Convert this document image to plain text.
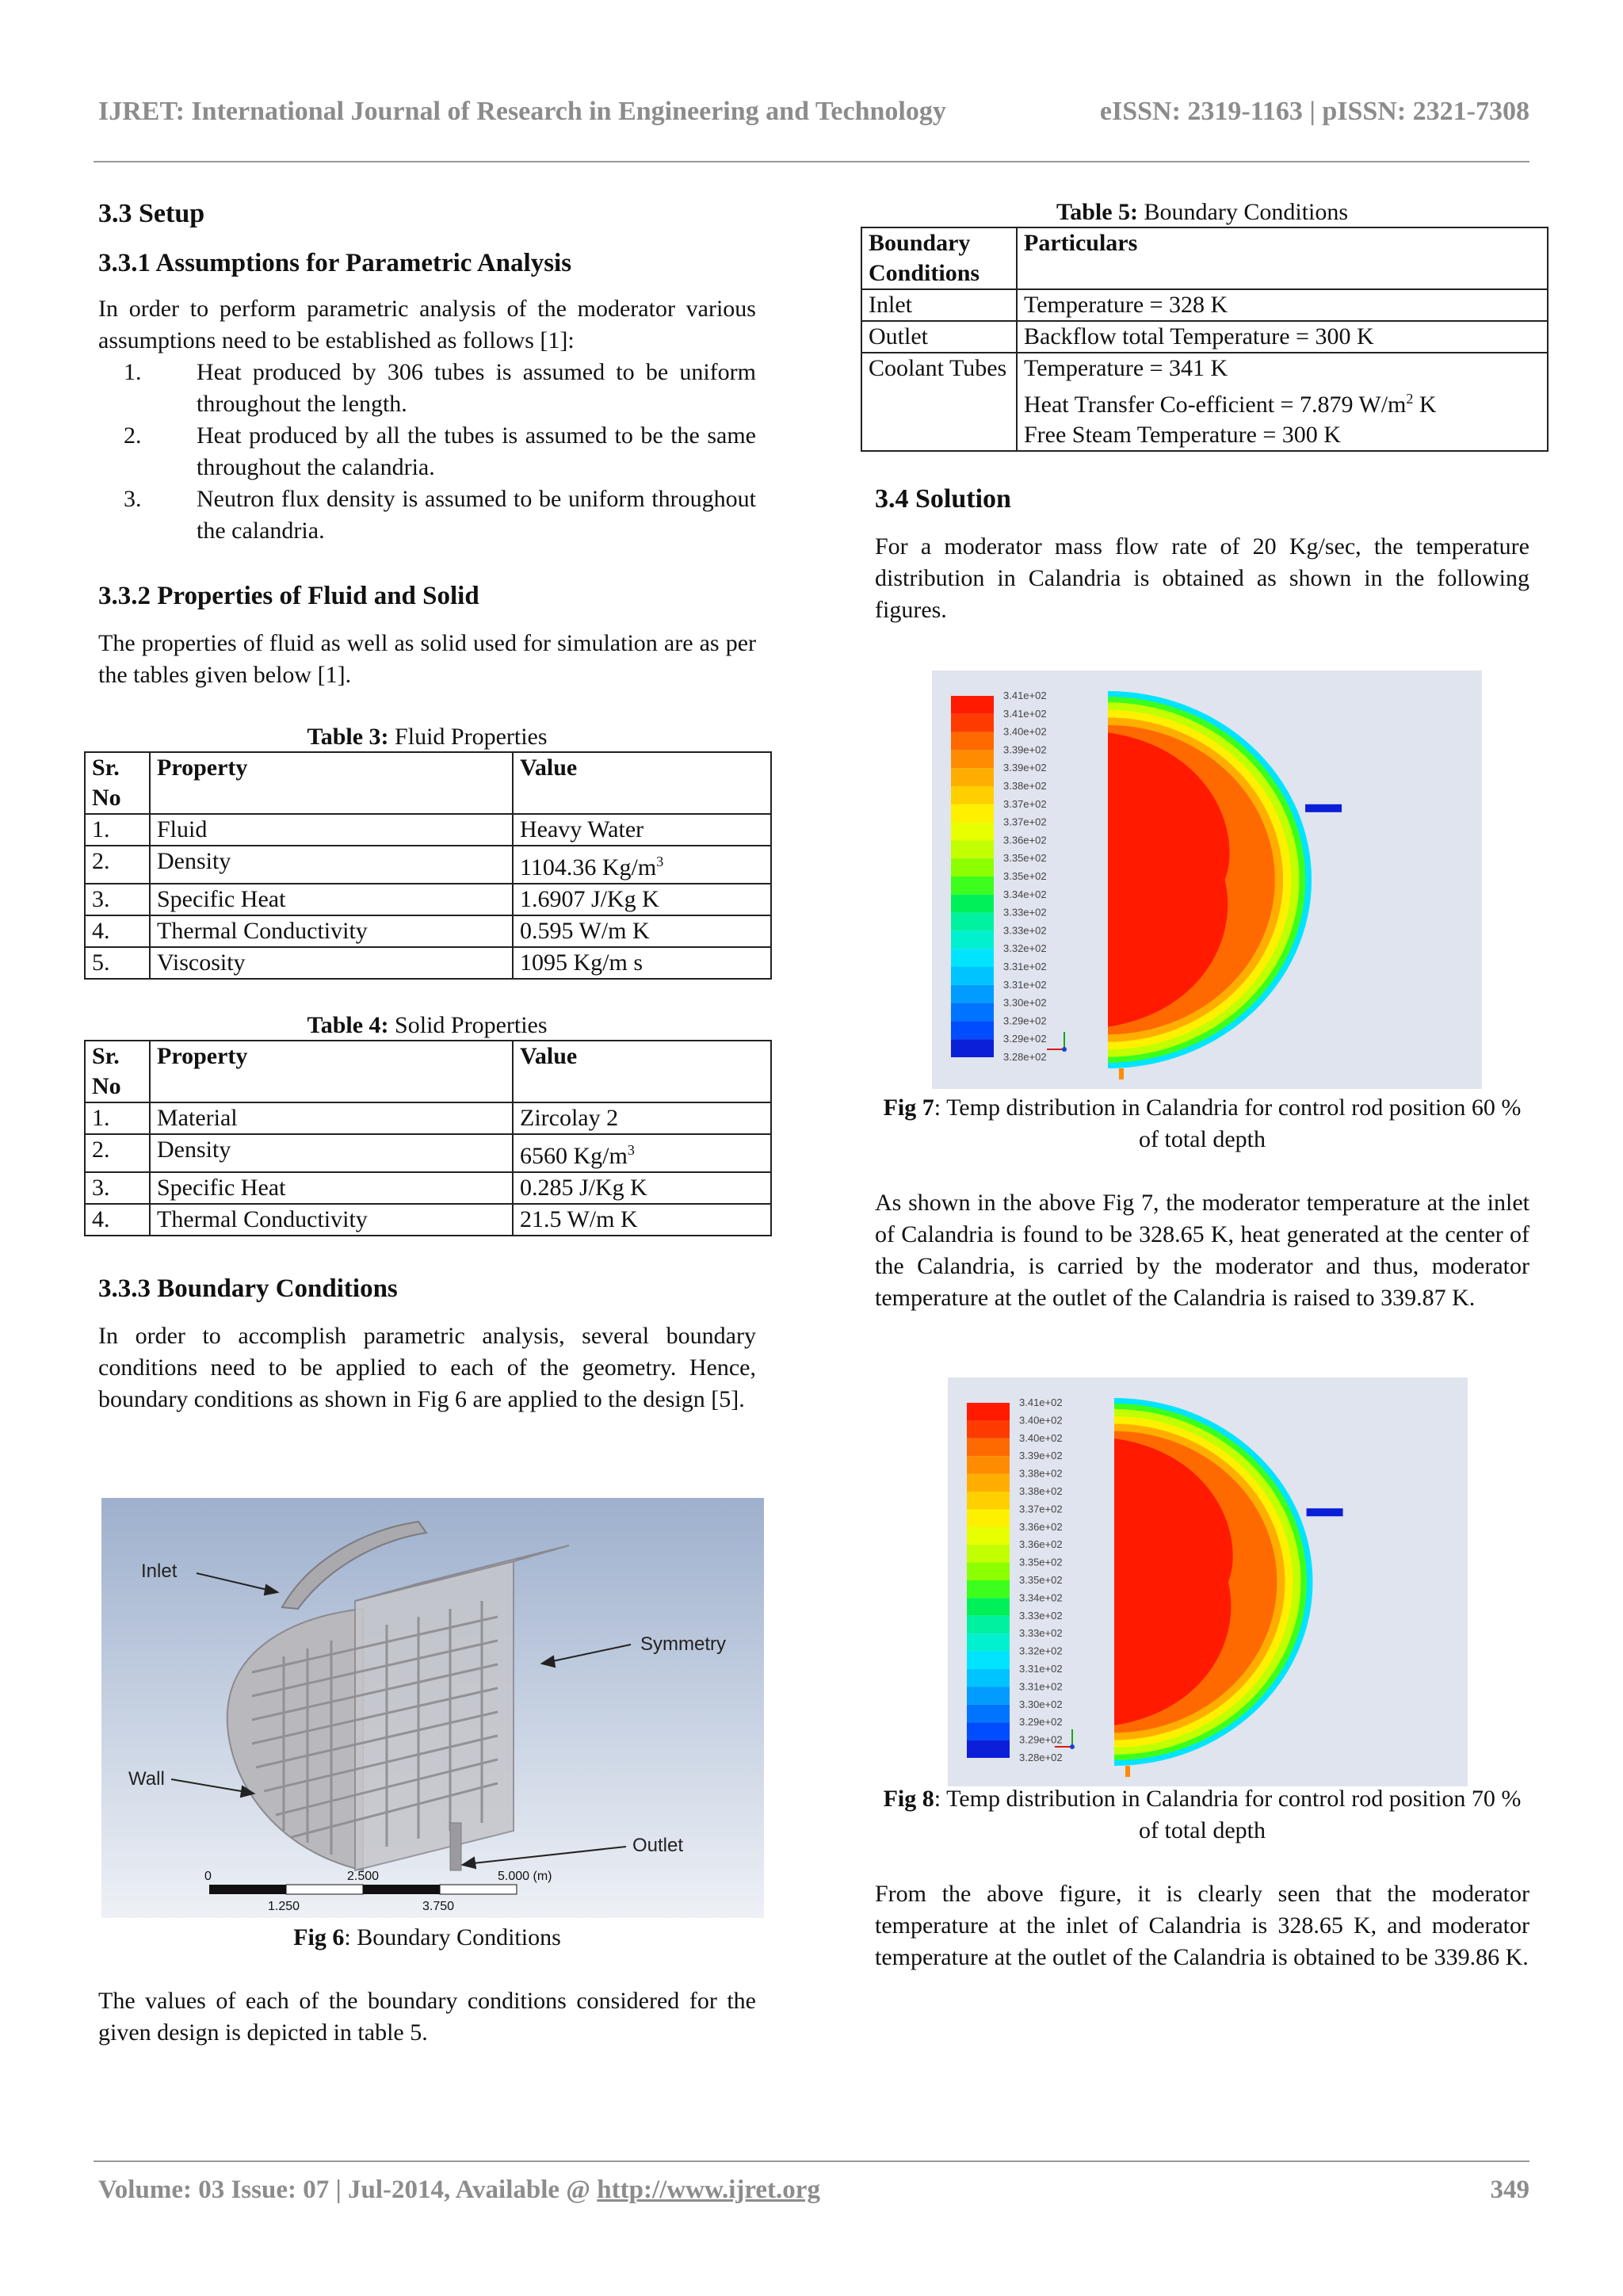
IJRET: International Journal of Research in Engineering and Technology	eISSN: 2319-1163 | pISSN: 2321-7308
3.3 Setup
3.3.1 Assumptions for Parametric Analysis

In order to perform parametric analysis of the moderator various assumptions need to be established as follows [1]:

1.	Heat produced by 306 tubes is assumed to be uniform throughout the length.
2.	Heat produced by all the tubes is assumed to be the same throughout the calandria.
3.	Neutron flux density is assumed to be uniform throughout the calandria.
3.3.2 Properties of Fluid and Solid

The properties of fluid as well as solid used for simulation are as per the tables given below [1].

Table 3: Fluid Properties
Sr. No	Property	Value
1.	Fluid	Heavy Water
2.	Density	1104.36 $Kg/m^3$
3.	Specific Heat	1.6907 J/Kg K
4.	Thermal Conductivity	0.595 W/m K
5.	Viscosity	1095 Kg/m s
Table 4: Solid Properties
Sr. No	Property	Value
1.	Material	Zircolay 2
2.	Density	6560 $Kg/m^3$
3.	Specific Heat	0.285 J/Kg K
4.	Thermal Conductivity	21.5 W/m K
3.3.3 Boundary Conditions

In order to accomplish parametric analysis, several boundary conditions need to be applied to each of the geometry. Hence, boundary conditions as shown in Fig 6 are applied to the design [5].

Inlet
Symmetry
Wall
Outlet
0	2.500	5.000 (m)
1.250	3.750
Fig 6: Boundary Conditions

The values of each of the boundary conditions considered for the given design is depicted in table 5.

Table 5: Boundary Conditions
Boundary Conditions	Particulars
Inlet	Temperature = 328 K
Outlet	Backflow total Temperature = 300 K
Coolant Tubes	Temperature = 341 K
Heat Transfer Co-efficient = 7.879 $W/m^2$ K
Free Steam Temperature = 300 K
3.4 Solution

For a moderator mass flow rate of 20 Kg/sec, the temperature distribution in Calandria is obtained as shown in the following figures.

3.41e+02
3.41e+02
3.40e+02
3.39e+02
3.39e+02
3.38e+02
3.37e+02
3.37e+02
3.36e+02
3.35e+02
3.35e+02
3.34e+02
3.33e+02
3.33e+02
3.32e+02
3.31e+02
3.31e+02
3.30e+02
3.29e+02
3.29e+02
3.28e+02
Fig 7: Temp distribution in Calandria for control rod position 60 % of total depth

As shown in the above Fig 7, the moderator temperature at the inlet of Calandria is found to be 328.65 K, heat generated at the center of the Calandria, is carried by the moderator and thus, moderator temperature at the outlet of the Calandria is raised to 339.87 K.

3.41e+02
3.40e+02
3.40e+02
3.39e+02
3.38e+02
3.38e+02
3.37e+02
3.36e+02
3.36e+02
3.35e+02
3.35e+02
3.34e+02
3.33e+02
3.33e+02
3.32e+02
3.31e+02
3.31e+02
3.30e+02
3.29e+02
3.29e+02
3.28e+02
Fig 8: Temp distribution in Calandria for control rod position 70 % of total depth

From the above figure, it is clearly seen that the moderator temperature at the inlet of Calandria is 328.65 K, and moderator temperature at the outlet of the Calandria is obtained to be 339.86 K.

Volume: 03 Issue: 07 | Jul-2014, Available @ http://www.ijret.org	349
